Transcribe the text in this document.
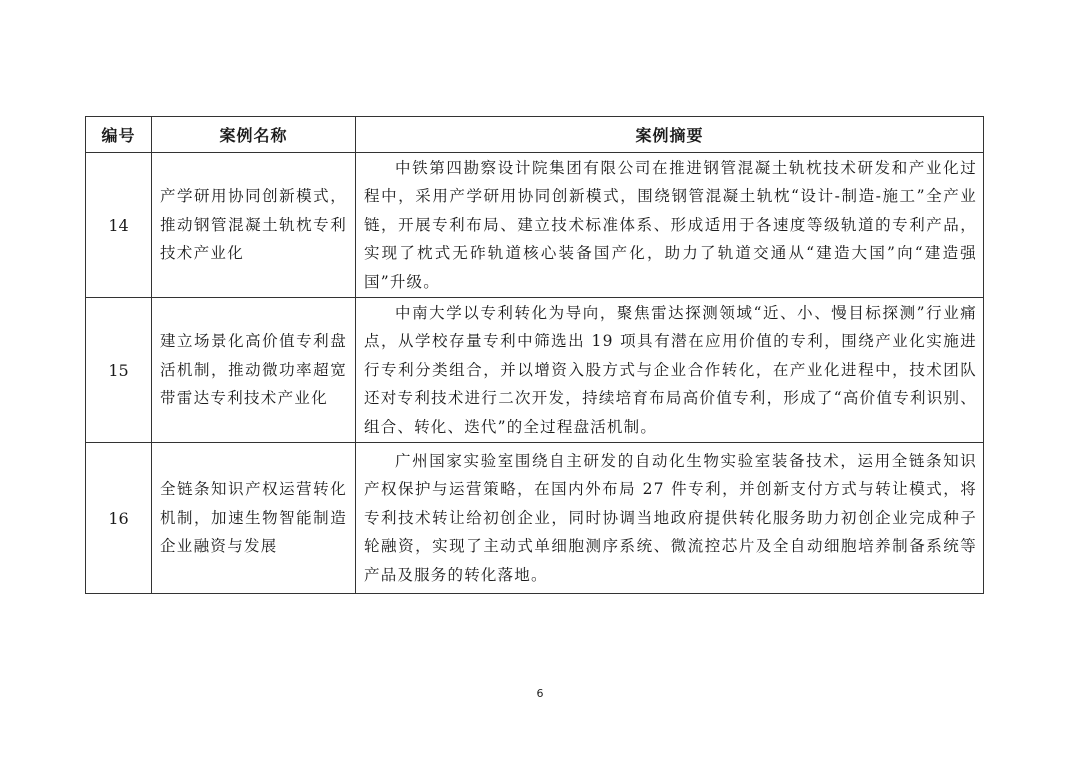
编号	案例名称	案例摘要
14	产学研用协同创新模式，推动钢管混凝土轨枕专利技术产业化	中铁第四勘察设计院集团有限公司在推进钢管混凝土轨枕技术研发和产业化过程中，采用产学研用协同创新模式，围绕钢管混凝土轨枕“设计-制造-施工”全产业链，开展专利布局、建立技术标准体系、形成适用于各速度等级轨道的专利产品，实现了枕式无砟轨道核心装备国产化，助力了轨道交通从“建造大国”向“建造强国”升级。
15	建立场景化高价值专利盘活机制，推动微功率超宽带雷达专利技术产业化	中南大学以专利转化为导向，聚焦雷达探测领域“近、小、慢目标探测”行业痛点，从学校存量专利中筛选出 19 项具有潜在应用价值的专利，围绕产业化实施进行专利分类组合，并以增资入股方式与企业合作转化，在产业化进程中，技术团队还对专利技术进行二次开发，持续培育布局高价值专利，形成了“高价值专利识别、组合、转化、迭代”的全过程盘活机制。
16	全链条知识产权运营转化机制，加速生物智能制造企业融资与发展	广州国家实验室围绕自主研发的自动化生物实验室装备技术，运用全链条知识产权保护与运营策略，在国内外布局 27 件专利，并创新支付方式与转让模式，将专利技术转让给初创企业，同时协调当地政府提供转化服务助力初创企业完成种子轮融资，实现了主动式单细胞测序系统、微流控芯片及全自动细胞培养制备系统等产品及服务的转化落地。
6
